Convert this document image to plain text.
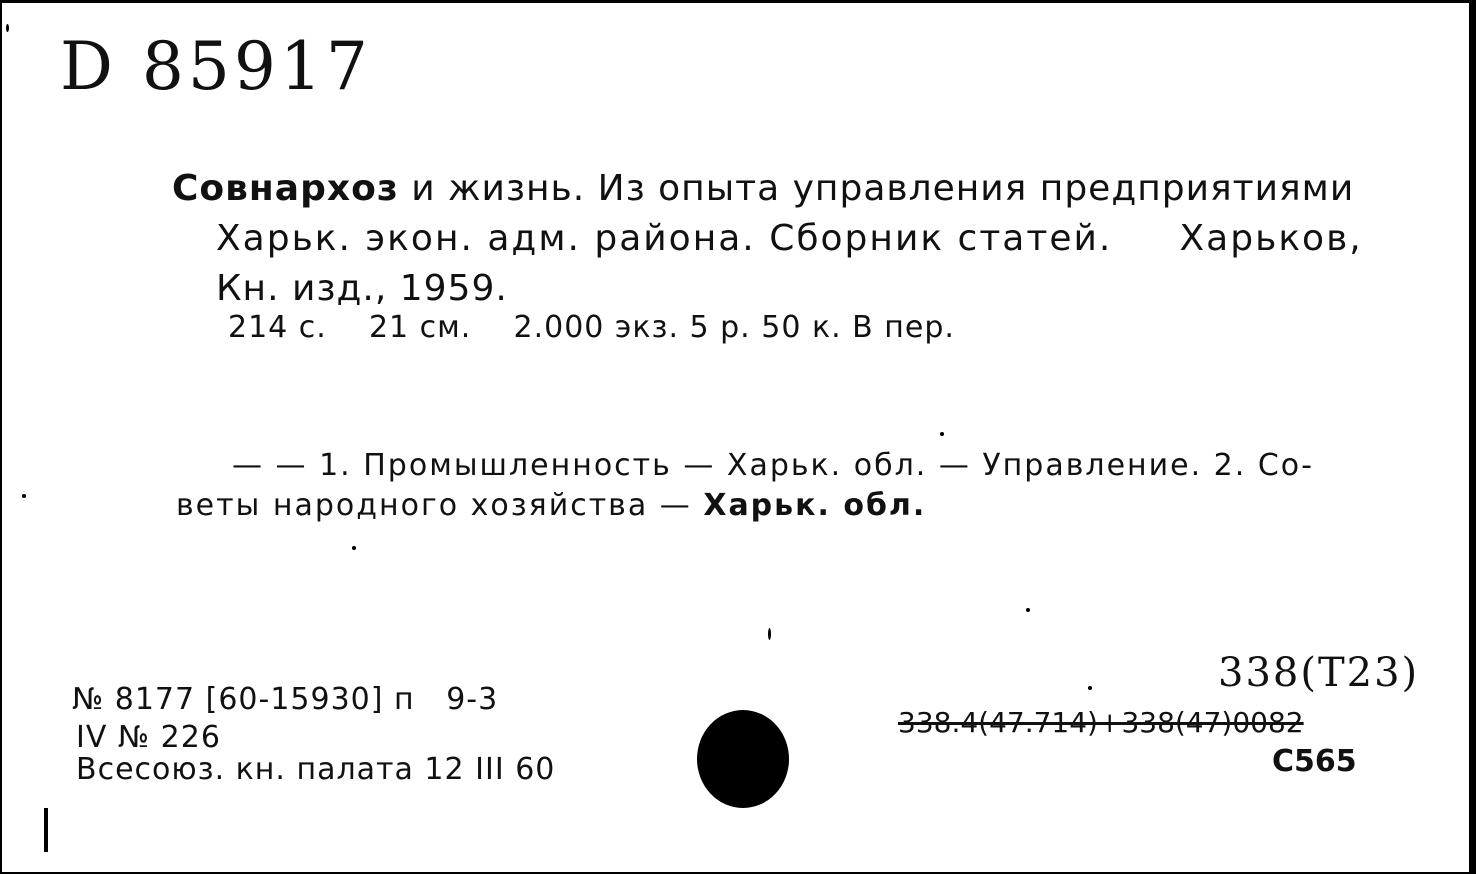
D 85917
Совнархоз и жизнь. Из опыта управления предприятиями
Харьк. экон. адм. района. Сборник статей.     Харьков,
Кн. изд., 1959.
214 с.    21 см.    2.000 экз. 5 р. 50 к. В пер.
— — 1. Промышленность — Харьк. обл. — Управление. 2. Со-
веты народного хозяйства — Харьк. обл.
№ 8177 [60-15930] п   9-3
IV № 226
Всесоюз. кн. палата 12 III 60
338(T23)
338.4(47.714)+338(47)0082
С565
